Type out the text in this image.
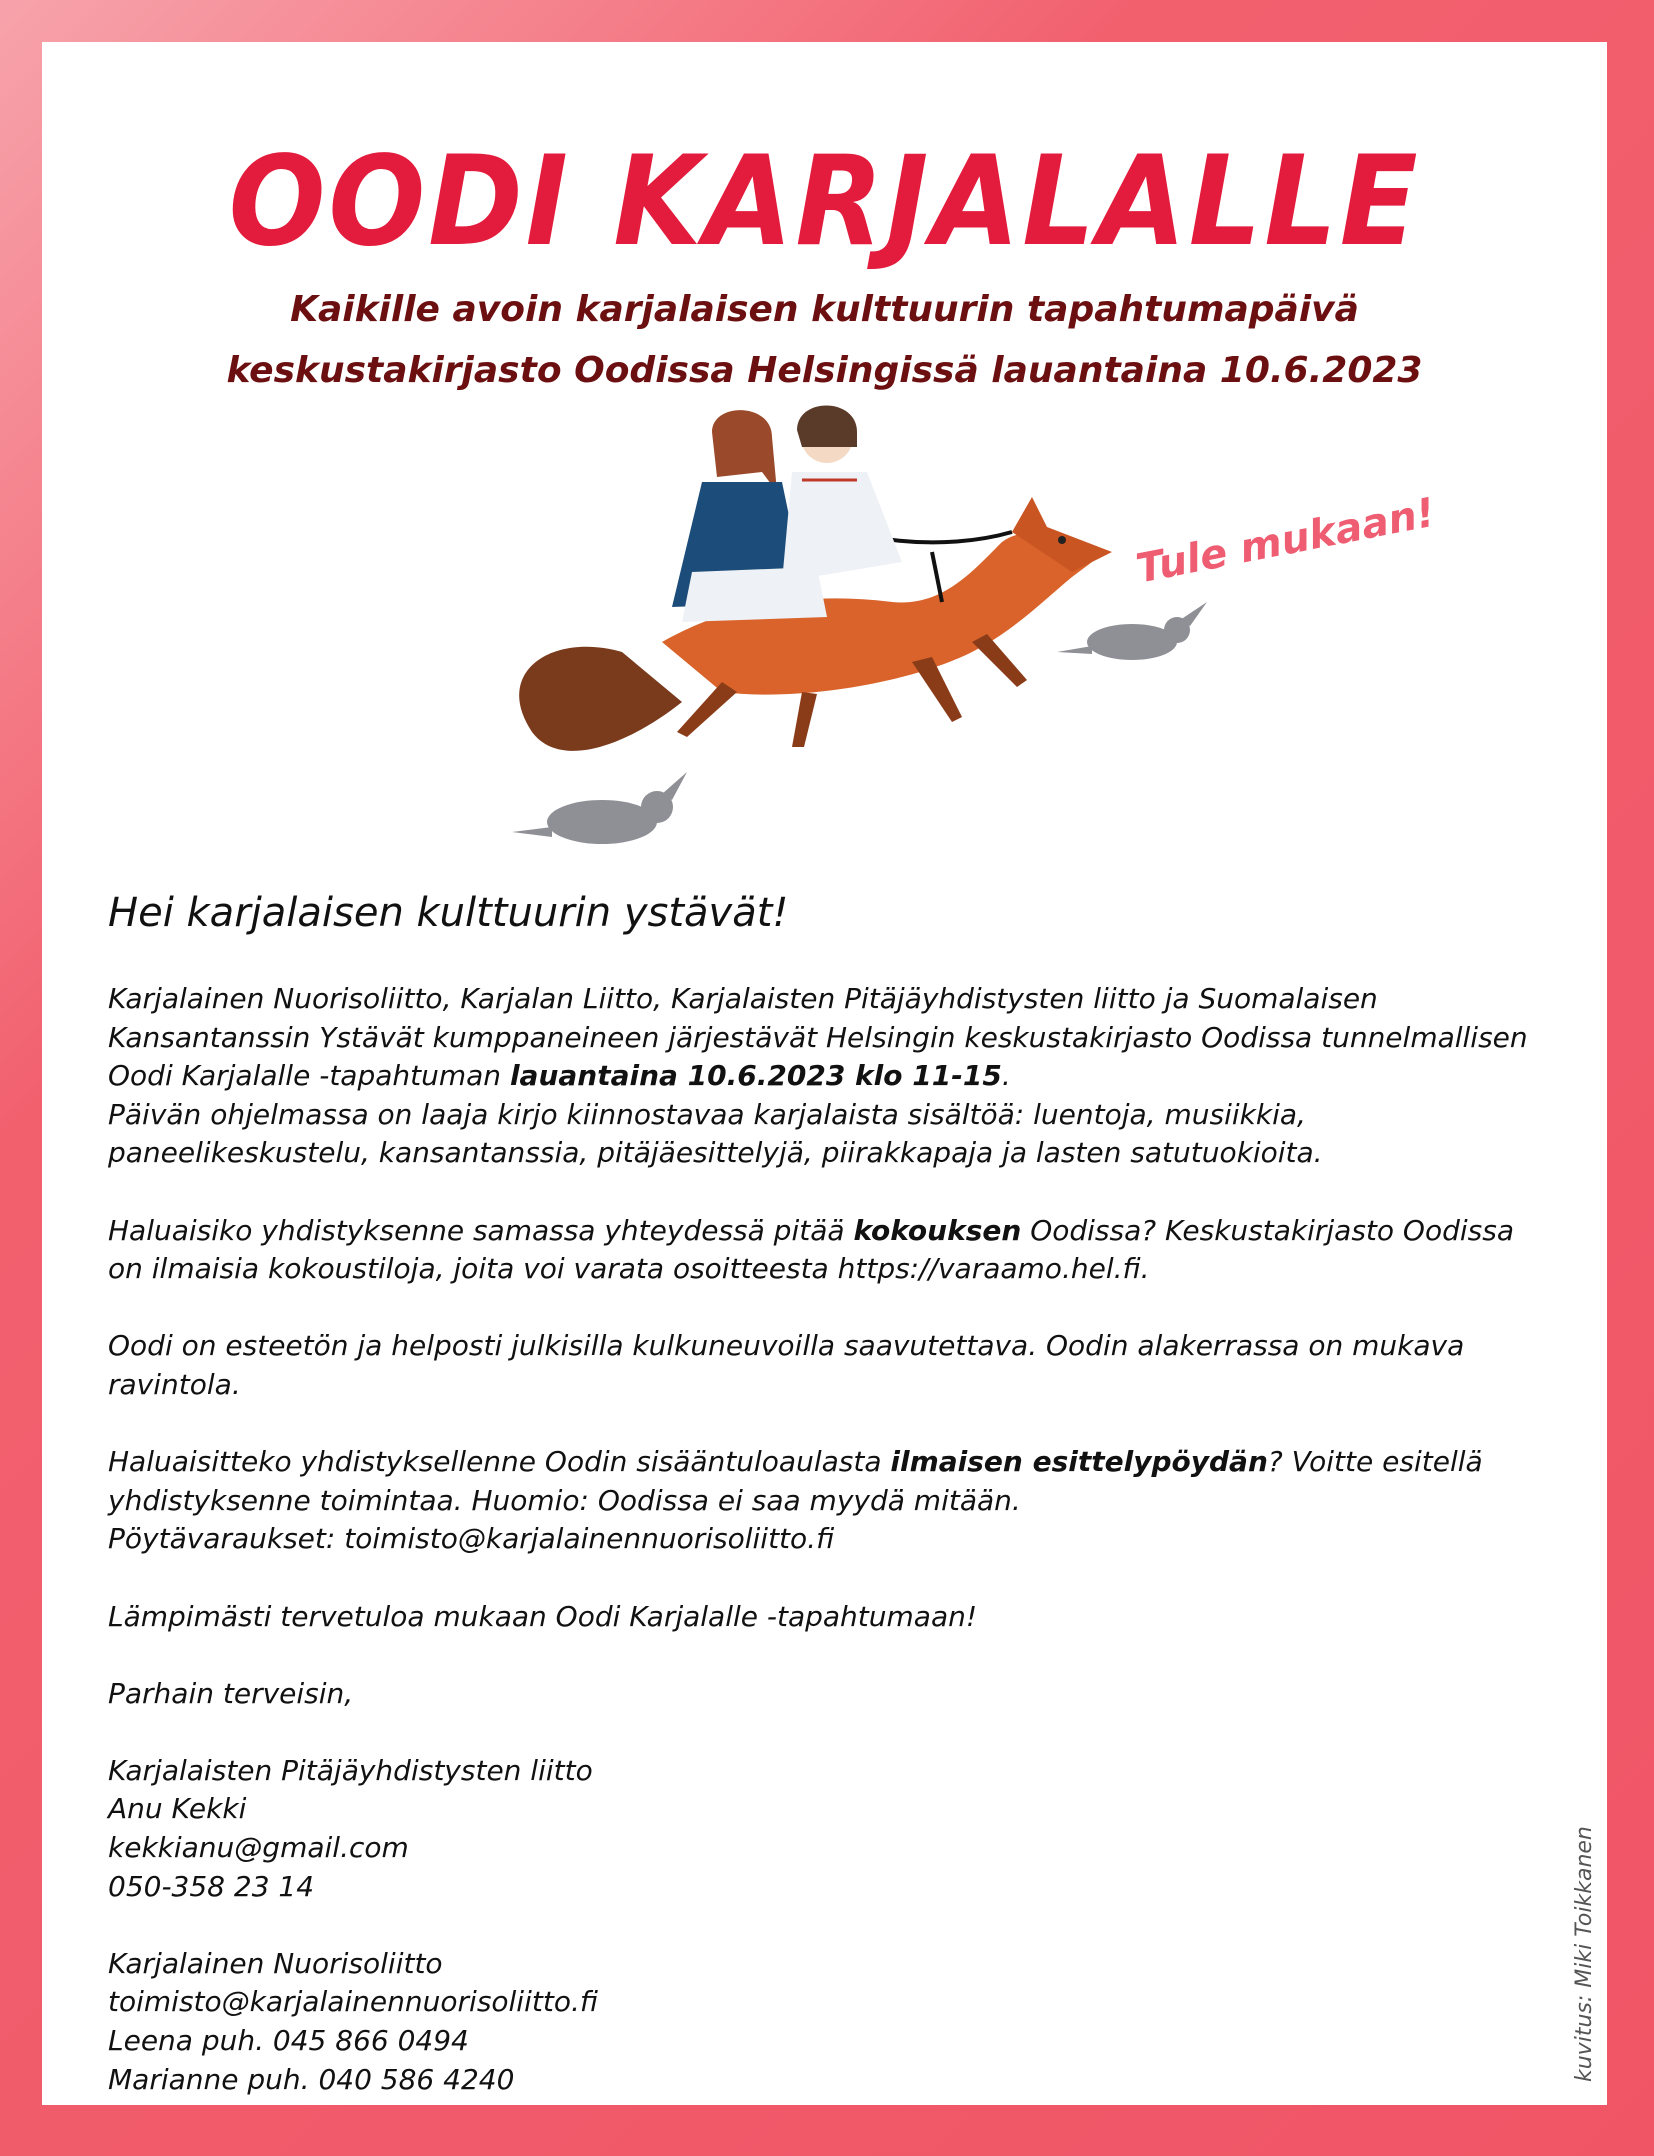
OODI KARJALALLE
Kaikille avoin karjalaisen kulttuurin tapahtumapäivä
keskustakirjasto Oodissa Helsingissä lauantaina 10.6.2023
Tule mukaan!
Hei karjalaisen kulttuurin ystävät!

Karjalainen Nuorisoliitto, Karjalan Liitto, Karjalaisten Pitäjäyhdistysten liitto ja Suomalaisen Kansantanssin Ystävät kumppaneineen järjestävät Helsingin keskustakirjasto Oodissa tunnelmallisen Oodi Karjalalle -tapahtuman lauantaina 10.6.2023 klo 11-15.

Päivän ohjelmassa on laaja kirjo kiinnostavaa karjalaista sisältöä: luentoja, musiikkia, paneelikeskustelu, kansantanssia, pitäjäesittelyjä, piirakkapaja ja lasten satutuokioita.

Haluaisiko yhdistyksenne samassa yhteydessä pitää kokouksen Oodissa? Keskustakirjasto Oodissa on ilmaisia kokoustiloja, joita voi varata osoitteesta https://varaamo.hel.fi.

Oodi on esteetön ja helposti julkisilla kulkuneuvoilla saavutettava. Oodin alakerrassa on mukava ravintola.

Haluaisitteko yhdistyksellenne Oodin sisääntuloaulasta ilmaisen esittelypöydän? Voitte esitellä yhdistyksenne toimintaa. Huomio: Oodissa ei saa myydä mitään.

Pöytävaraukset: toimisto@karjalainennuorisoliitto.fi

Lämpimästi tervetuloa mukaan Oodi Karjalalle -tapahtumaan!

Parhain terveisin,

Karjalaisten Pitäjäyhdistysten liitto

Anu Kekki

kekkianu@gmail.com

050-358 23 14

Karjalainen Nuorisoliitto

toimisto@karjalainennuorisoliitto.fi

Leena puh. 045 866 0494

Marianne puh. 040 586 4240	kuvitus: Miki Toikkanen
